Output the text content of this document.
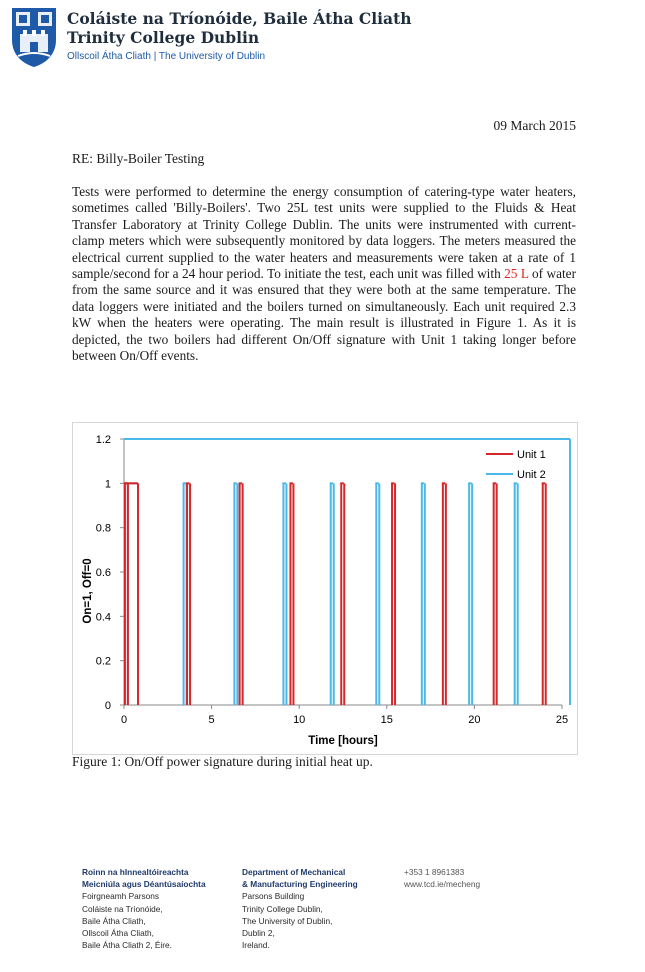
Coláiste na Tríonóide, Baile Átha Cliath
Trinity College Dublin
Ollscoil Átha Cliath | The University of Dublin
09 March 2015
RE: Billy-Boiler Testing
Tests were performed to determine the energy consumption of catering-type water heaters, sometimes called 'Billy-Boilers'. Two 25L test units were supplied to the Fluids & Heat Transfer Laboratory at Trinity College Dublin. The units were instrumented with current-clamp meters which were subsequently monitored by data loggers. The meters measured the electrical current supplied to the water heaters and measurements were taken at a rate of 1 sample/second for a 24 hour period. To initiate the test, each unit was filled with 25 L of water from the same source and it was ensured that they were both at the same temperature. The data loggers were initiated and the boilers turned on simultaneously. Each unit required 2.3 kW when the heaters were operating. The main result is illustrated in Figure 1. As it is depicted, the two boilers had different On/Off signature with Unit 1 taking longer before between On/Off events.
On=1, Off=0
Time [hours]
0
0.2
0.4
0.6
0.8
1
1.2
0	5	10	15	20	25
Unit 1
Unit 2
Figure 1: On/Off power signature during initial heat up.
Roinn na hInnealtóireachta
Meicniúla agus Déantúsaíochta
Foirgneamh Parsons
Coláiste na Tríonóide,
Baile Átha Cliath,
Ollscoil Átha Cliath,
Baile Átha Cliath 2, Éire.
Department of Mechanical
& Manufacturing Engineering
Parsons Building
Trinity College Dublin,
The University of Dublin,
Dublin 2,
Ireland.
+353 1 8961383
www.tcd.ie/mecheng
